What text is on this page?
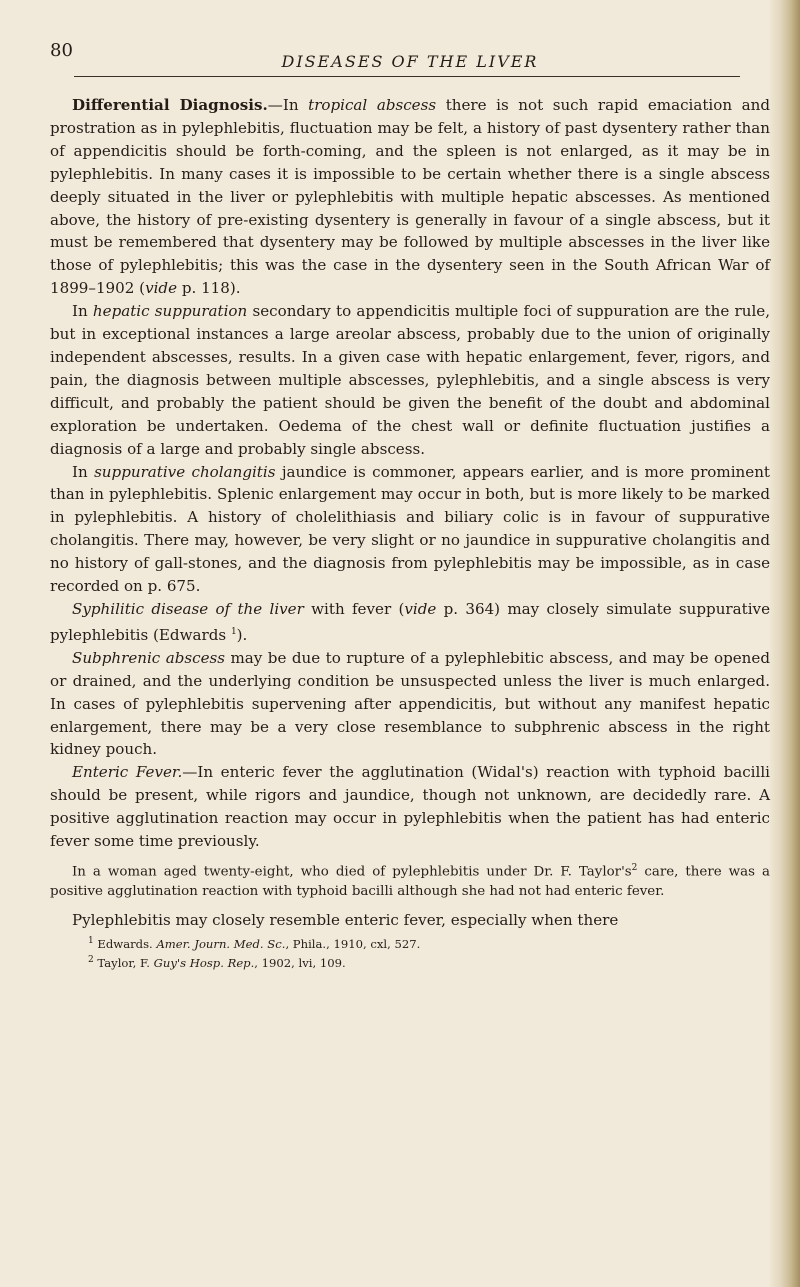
80
DISEASES OF THE LIVER

Differential Diagnosis.—In tropical abscess there is not such rapid emaciation and prostration as in pylephlebitis, fluctuation may be felt, a history of past dysentery rather than of appendicitis should be forth-coming, and the spleen is not enlarged, as it may be in pylephlebitis. In many cases it is impossible to be certain whether there is a single abscess deeply situated in the liver or pylephlebitis with multiple hepatic abscesses. As mentioned above, the history of pre-existing dysentery is generally in favour of a single abscess, but it must be remembered that dysentery may be followed by multiple abscesses in the liver like those of pylephlebitis; this was the case in the dysentery seen in the South African War of 1899–1902 (vide p. 118).

In hepatic suppuration secondary to appendicitis multiple foci of suppuration are the rule, but in exceptional instances a large areolar abscess, probably due to the union of originally independent abscesses, results. In a given case with hepatic enlargement, fever, rigors, and pain, the diagnosis between multiple abscesses, pylephlebitis, and a single abscess is very difficult, and probably the patient should be given the benefit of the doubt and abdominal exploration be undertaken. Oedema of the chest wall or definite fluctuation justifies a diagnosis of a large and probably single abscess.

In suppurative cholangitis jaundice is commoner, appears earlier, and is more prominent than in pylephlebitis. Splenic enlargement may occur in both, but is more likely to be marked in pylephlebitis. A history of cholelithiasis and biliary colic is in favour of suppurative cholangitis. There may, however, be very slight or no jaundice in suppurative cholangitis and no history of gall-stones, and the diagnosis from pylephlebitis may be impossible, as in case recorded on p. 675.

Syphilitic disease of the liver with fever (vide p. 364) may closely simulate suppurative pylephlebitis (Edwards $^1$).

Subphrenic abscess may be due to rupture of a pylephlebitic abscess, and may be opened or drained, and the underlying condition be unsuspected unless the liver is much enlarged. In cases of pylephlebitis supervening after appendicitis, but without any manifest hepatic enlargement, there may be a very close resemblance to subphrenic abscess in the right kidney pouch.

Enteric Fever.—In enteric fever the agglutination (Widal's) reaction with typhoid bacilli should be present, while rigors and jaundice, though not unknown, are decidedly rare. A positive agglutination reaction may occur in pylephlebitis when the patient has had enteric fever some time previously.

In a woman aged twenty-eight, who died of pylephlebitis under Dr. F. $Taylor's^2$ care, there was a positive agglutination reaction with typhoid bacilli although she had not had enteric fever.

Pylephlebitis may closely resemble enteric fever, especially when there

$^1$ Edwards. Amer. Journ. Med. Sc., Phila., 1910, cxl, 527.
$^2$ Taylor, F. Guy's Hosp. Rep., 1902, lvi, 109.
